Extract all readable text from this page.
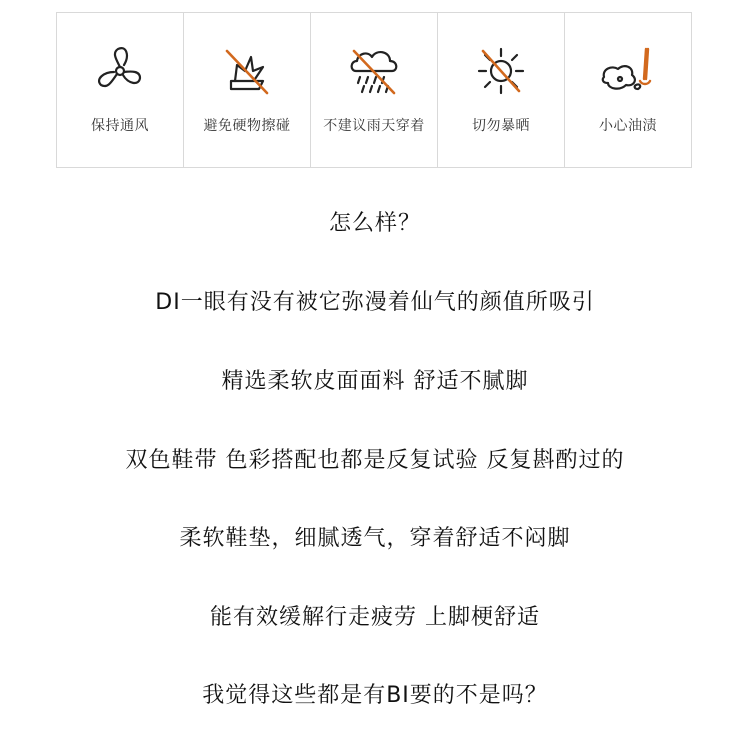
保持通风	避免硬物擦碰 不建议雨天穿着	切勿暴晒	小心油渍

怎么样？

DI一眼有没有被它弥漫着仙气的颜值所吸引

精选柔软皮面面料 舒适不腻脚

双色鞋带 色彩搭配也都是反复试验 反复斟酌过的

柔软鞋垫，细腻透气，穿着舒适不闷脚

能有效缓解行走疲劳 上脚梗舒适

我觉得这些都是有BI要的不是吗？
